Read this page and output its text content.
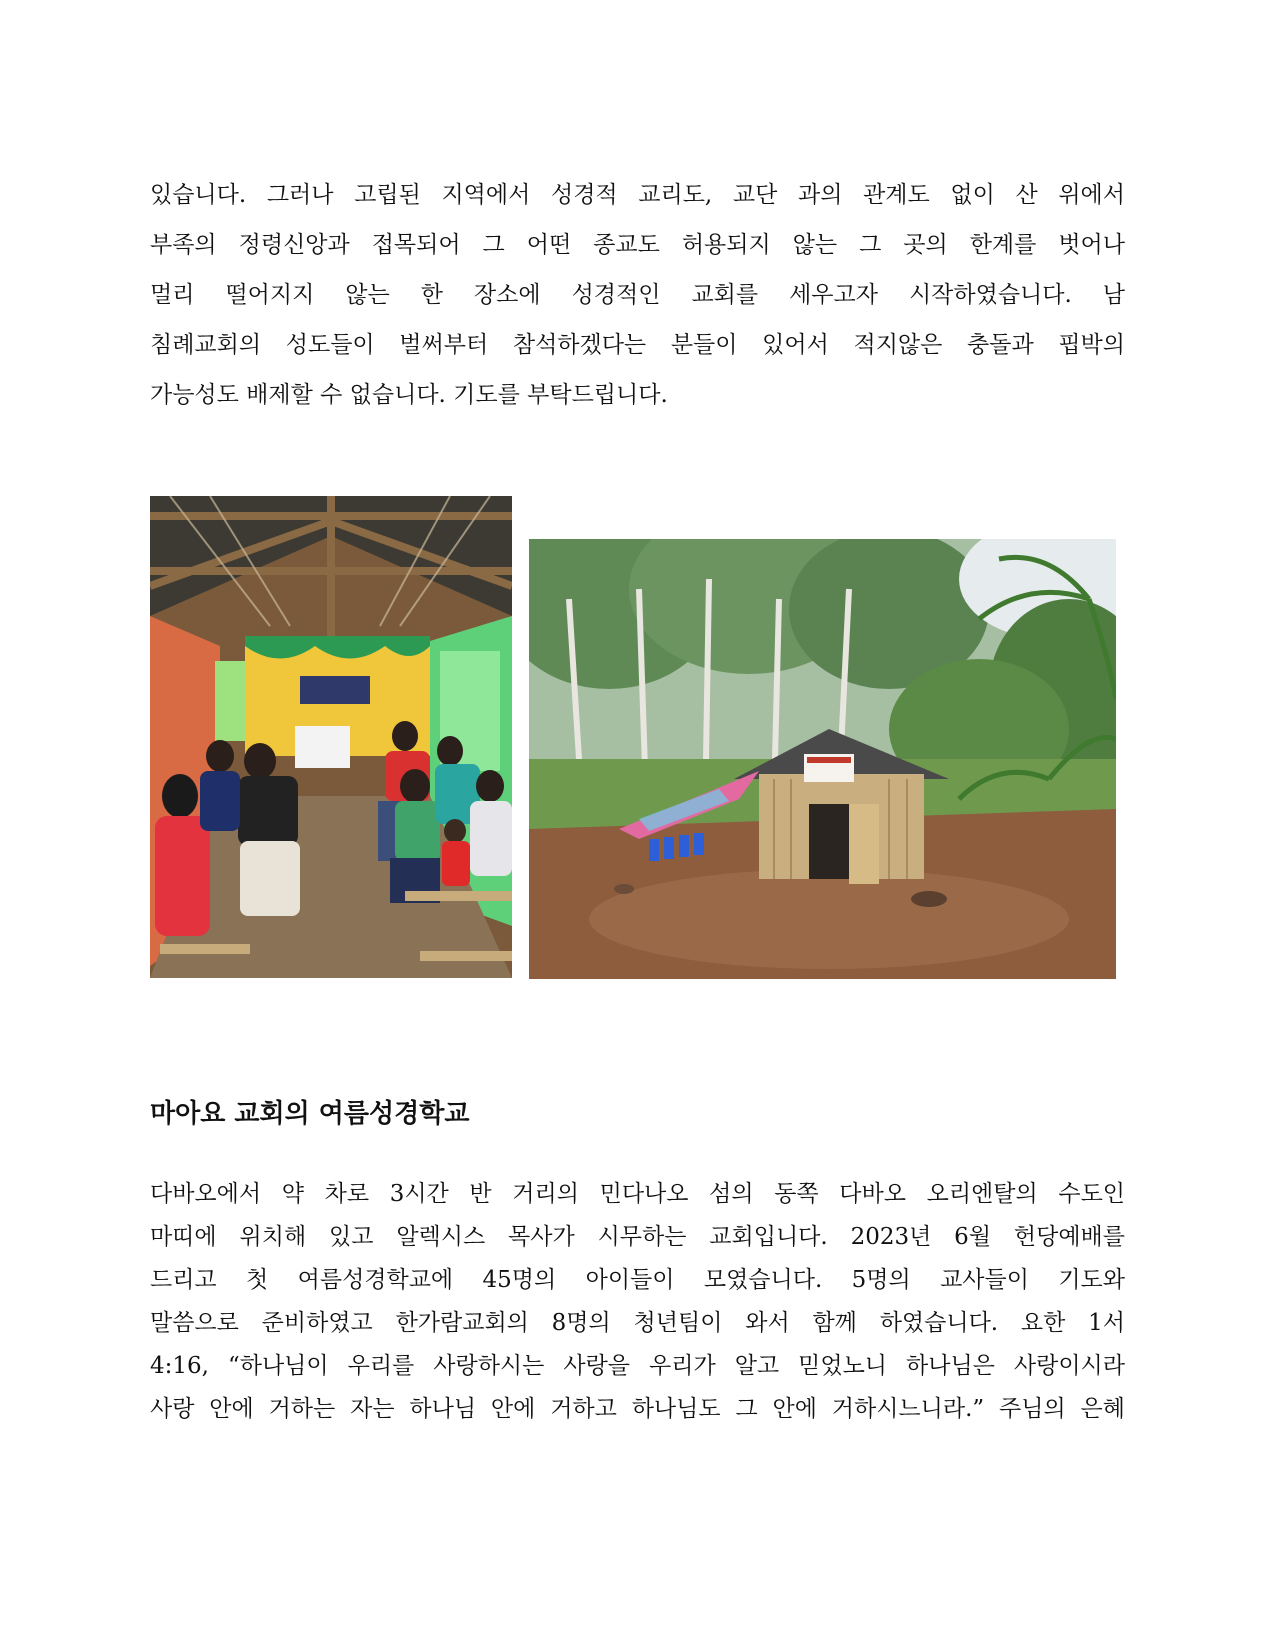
있습니다. 그러나 고립된 지역에서 성경적 교리도, 교단 과의 관계도 없이 산 위에서
부족의 정령신앙과 접목되어 그 어떤 종교도 허용되지 않는 그 곳의 한계를 벗어나
멀리 떨어지지 않는 한 장소에 성경적인 교회를 세우고자 시작하였습니다. 남
침례교회의 성도들이 벌써부터 참석하겠다는 분들이 있어서 적지않은 충돌과 핍박의
가능성도 배제할 수 없습니다. 기도를 부탁드립니다.
마아요 교회의 여름성경학교
다바오에서 약 차로 3시간 반 거리의 민다나오 섬의 동쪽 다바오 오리엔탈의 수도인
마띠에 위치해 있고 알렉시스 목사가 시무하는 교회입니다. 2023년 6월 헌당예배를
드리고 첫 여름성경학교에 45명의 아이들이 모였습니다. 5명의 교사들이 기도와
말씀으로 준비하였고 한가람교회의 8명의 청년팀이 와서 함께 하였습니다. 요한 1서
4:16, “하나님이 우리를 사랑하시는 사랑을 우리가 알고 믿었노니 하나님은 사랑이시라
사랑 안에 거하는 자는 하나님 안에 거하고 하나님도 그 안에 거하시느니라.” 주님의 은혜
